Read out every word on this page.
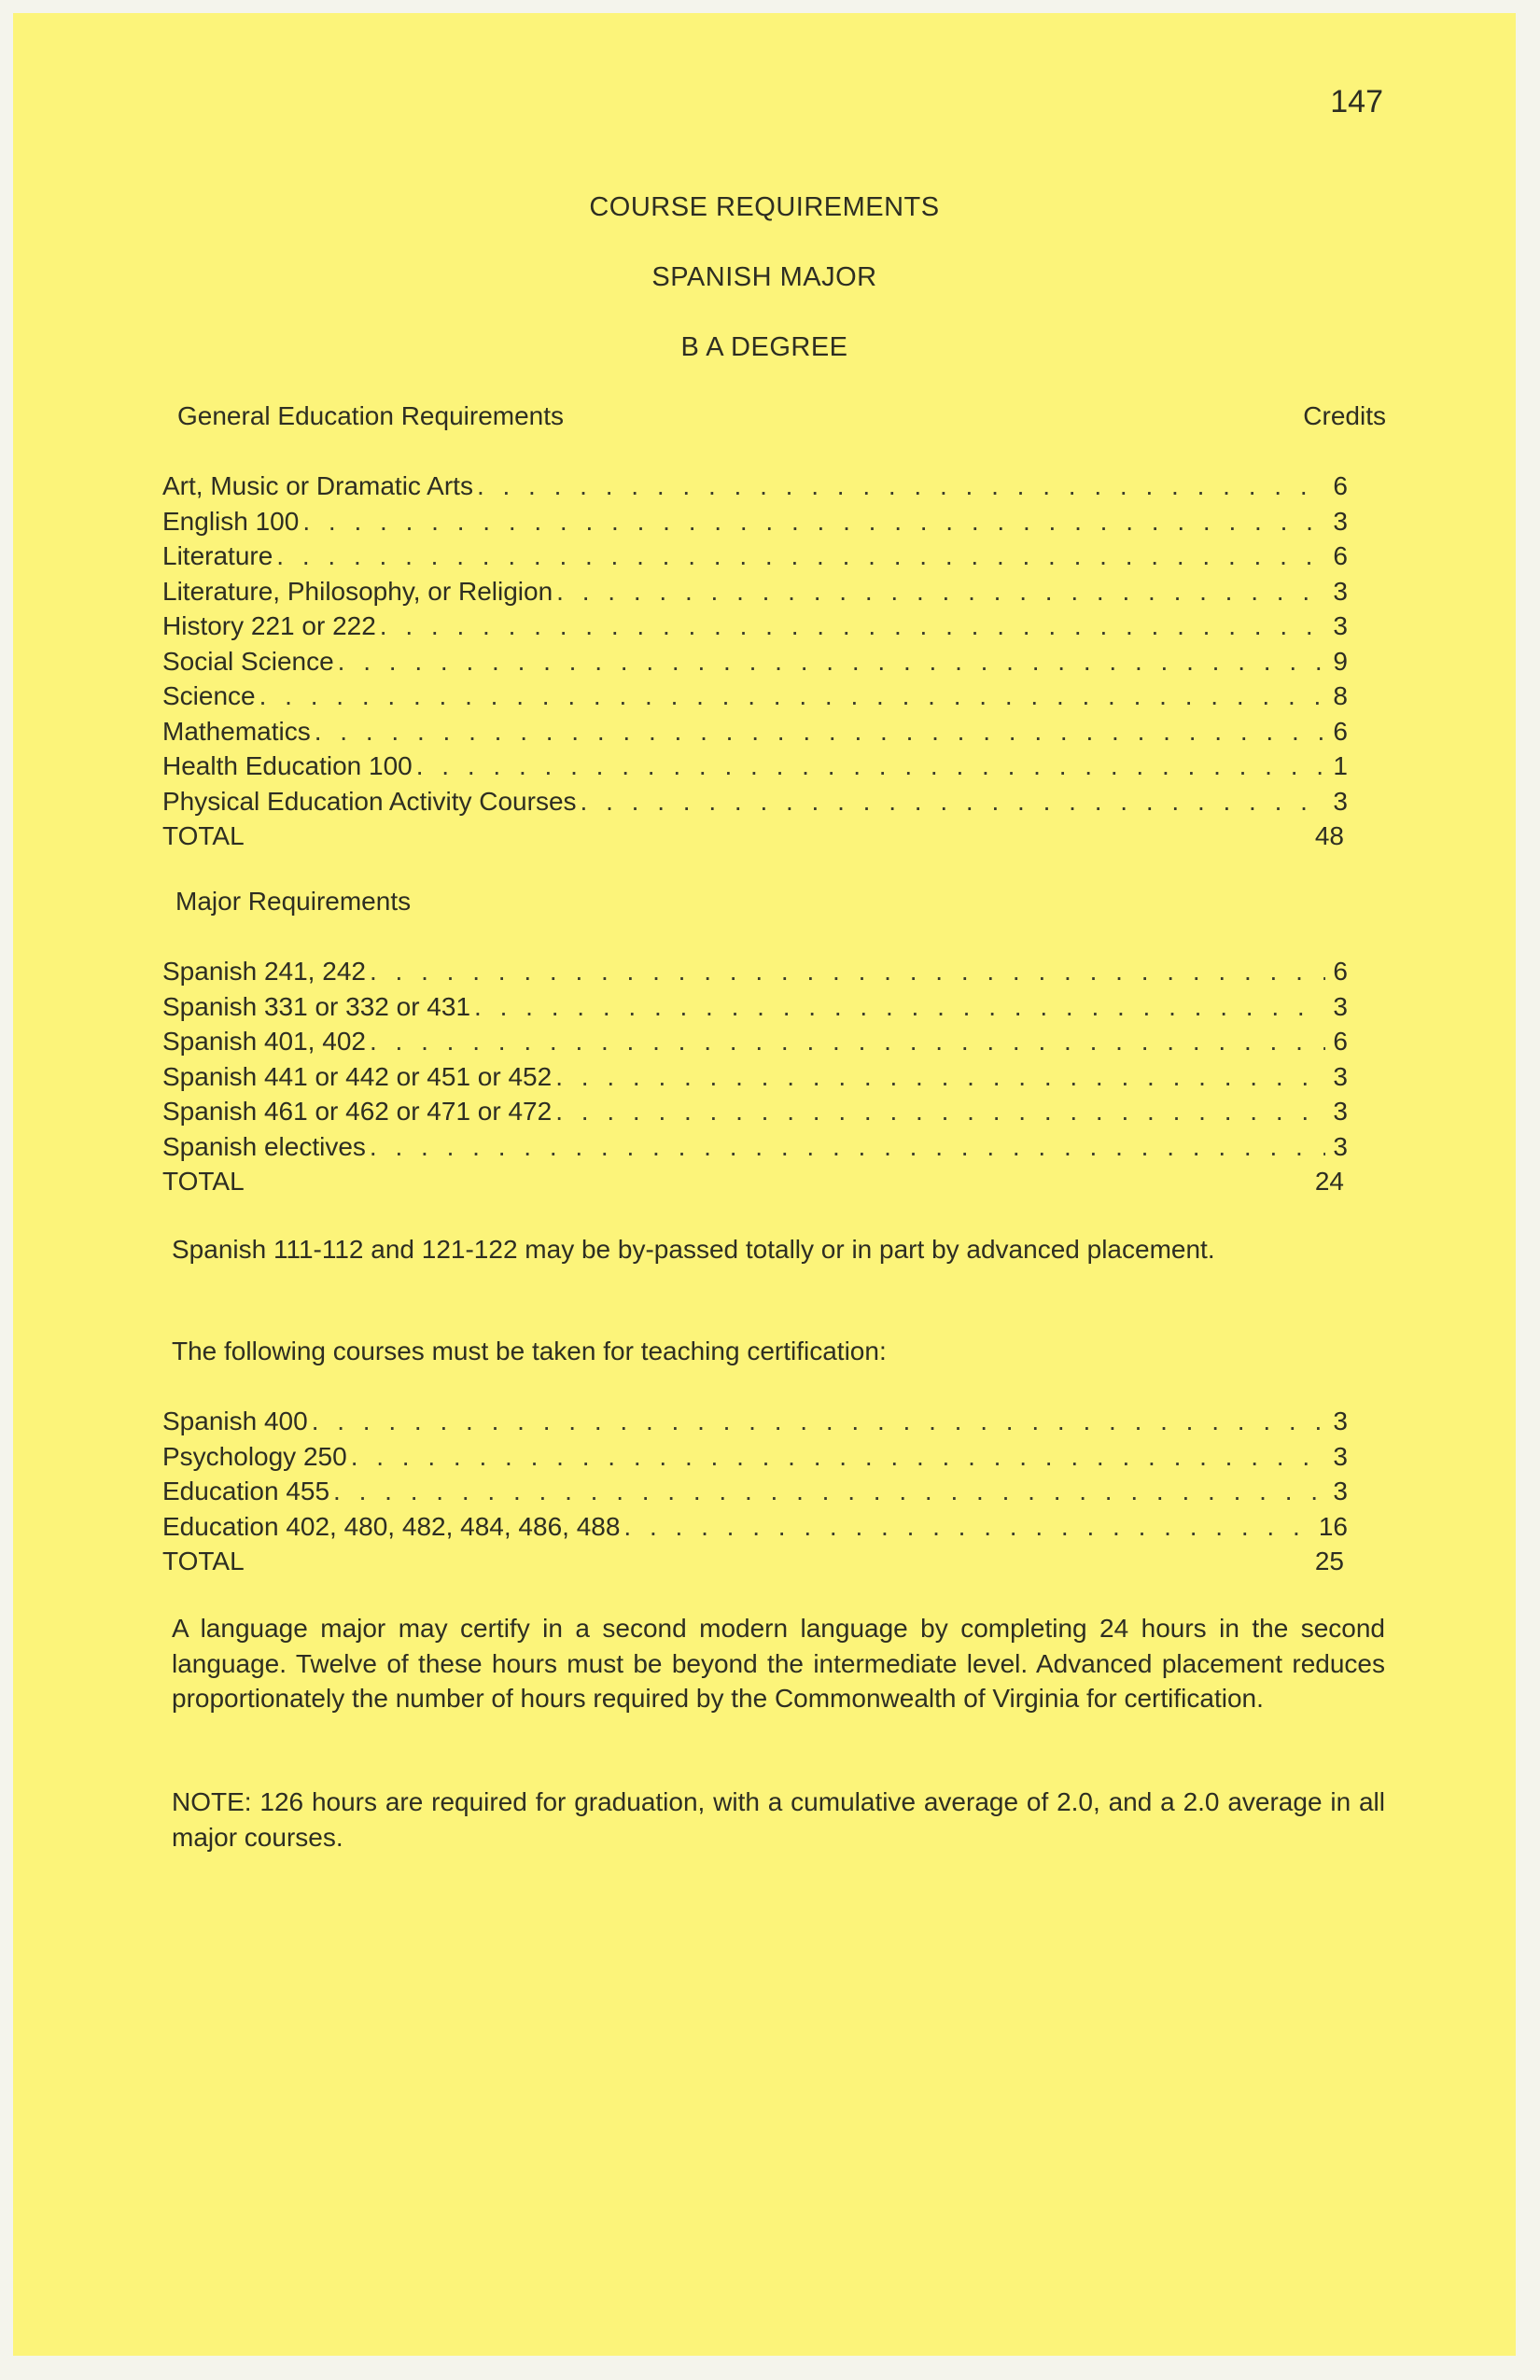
147
COURSE REQUIREMENTS
SPANISH MAJOR
B A DEGREE
General Education Requirements	Credits
Art, Music or Dramatic Arts . . .	6
English 100 . . .	3
Literature . . .	6
Literature, Philosophy, or Religion . . .	3
History 221 or 222 . . .	3
Social Science . . .	9
Science . . .	8
Mathematics . . .	6
Health Education 100 . . .	1
Physical Education Activity Courses . . .	3
TOTAL	48
Major Requirements
Spanish 241, 242 . . .	6
Spanish 331 or 332 or 431 . . .	3
Spanish 401, 402 . . .	6
Spanish 441 or 442 or 451 or 452 . . .	3
Spanish 461 or 462 or 471 or 472 . . .	3
Spanish electives . . .	3
TOTAL	24
Spanish 111-112 and 121-122 may be by-passed totally or in part by advanced placement.
The following courses must be taken for teaching certification:
Spanish 400 . . .	3
Psychology 250 . . .	3
Education 455 . . .	3
Education 402, 480, 482, 484, 486, 488 . . .	16
TOTAL	25
A language major may certify in a second modern language by completing 24 hours in the second language. Twelve of these hours must be beyond the intermediate level. Advanced placement reduces proportionately the number of hours required by the Commonwealth of Virginia for certification.
NOTE: 126 hours are required for graduation, with a cumulative average of 2.0, and a 2.0 average in all major courses.
